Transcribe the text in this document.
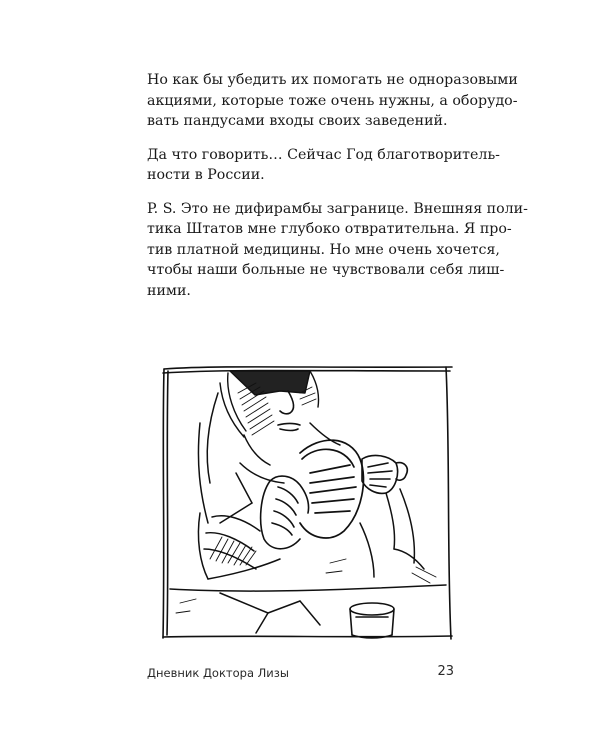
Но как бы убедить их помогать не одноразовыми
акциями, которые тоже очень нужны, а оборудо-
вать пандусами входы своих заведений.
Да что говорить… Сейчас Год благотворитель-
ности в России.
P. S. Это не дифирамбы загранице. Внешняя поли-
тика Штатов мне глубоко отвратительна. Я про-
тив платной медицины. Но мне очень хочется,
чтобы наши больные не чувствовали себя лиш-
ними.
Дневник Доктора Лизы	23
